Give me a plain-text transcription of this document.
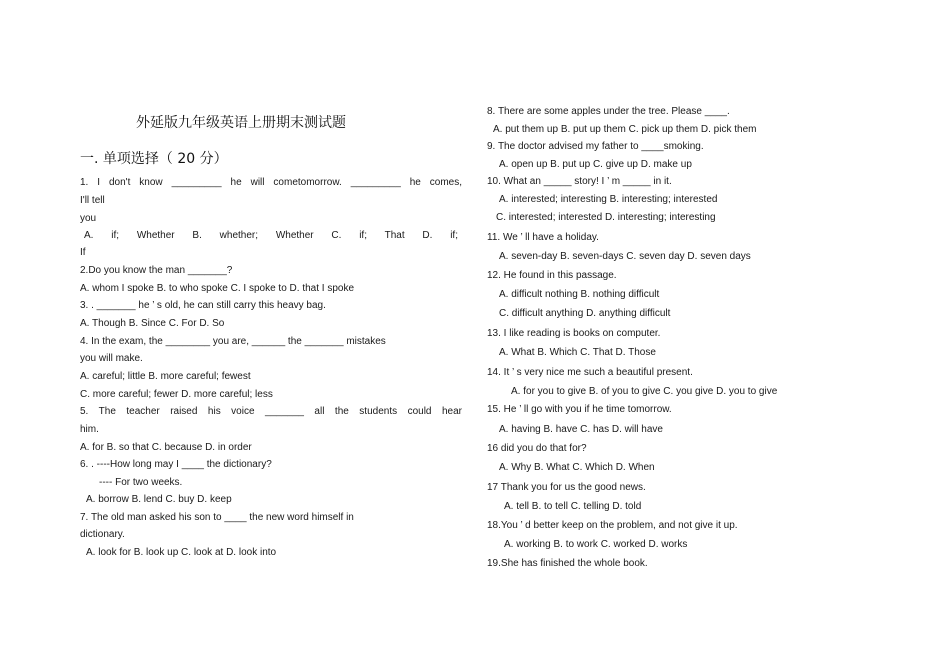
外延版九年级英语上册期末测试题
一. 单项选择（ 20 分）
1. I don't know _________ he will cometomorrow. _________ he comes,
I'll tell
you
A. if; Whether B. whether; Whether C. if; That D. if;
If
2.Do you know the man _______?
A. whom I spoke B. to who spoke C. I spoke to D. that I spoke
3. . _______ he ’ s old, he can still carry this heavy bag.
A. Though B. Since C. For D. So
4. In the exam, the ________ you are, ______ the _______ mistakes
you will make.
A. careful; little B. more careful; fewest
C. more careful; fewer D. more careful; less
5. The teacher raised his voice _______ all the students could hear
him.
A. for B. so that C. because D. in order
6. . ----How long may I ____ the dictionary?
---- For two weeks.
A. borrow B. lend C. buy D. keep
7. The old man asked his son to ____ the new word himself in
dictionary.
A. look for B. look up C. look at D. look into
8. There are some apples under the tree. Please ____.
A. put them up B. put up them C. pick up them D. pick them
9. The doctor advised my father to ____smoking.
A. open up B. put up C. give up D. make up
10. What an _____ story! I ’ m _____ in it.
A. interested; interesting B. interesting; interested
C. interested; interested D. interesting; interesting
11. We ’ ll have a holiday.
A. seven-day B. seven-days C. seven day D. seven days
12. He found in this passage.
A. difficult nothing B. nothing difficult
C. difficult anything D. anything difficult
13. I like reading is books on computer.
A. What B. Which C. That D. Those
14. It ’ s very nice me such a beautiful present.
A. for you to give B. of you to give C. you give D. you to give
15. He ’ ll go with you if he time tomorrow.
A. having B. have C. has D. will have
16 did you do that for?
A. Why B. What C. Which D. When
17 Thank you for us the good news.
A. tell B. to tell C. telling D. told
18.You ’ d better keep on the problem, and not give it up.
A. working B. to work C. worked D. works
19.She has finished the whole book.
